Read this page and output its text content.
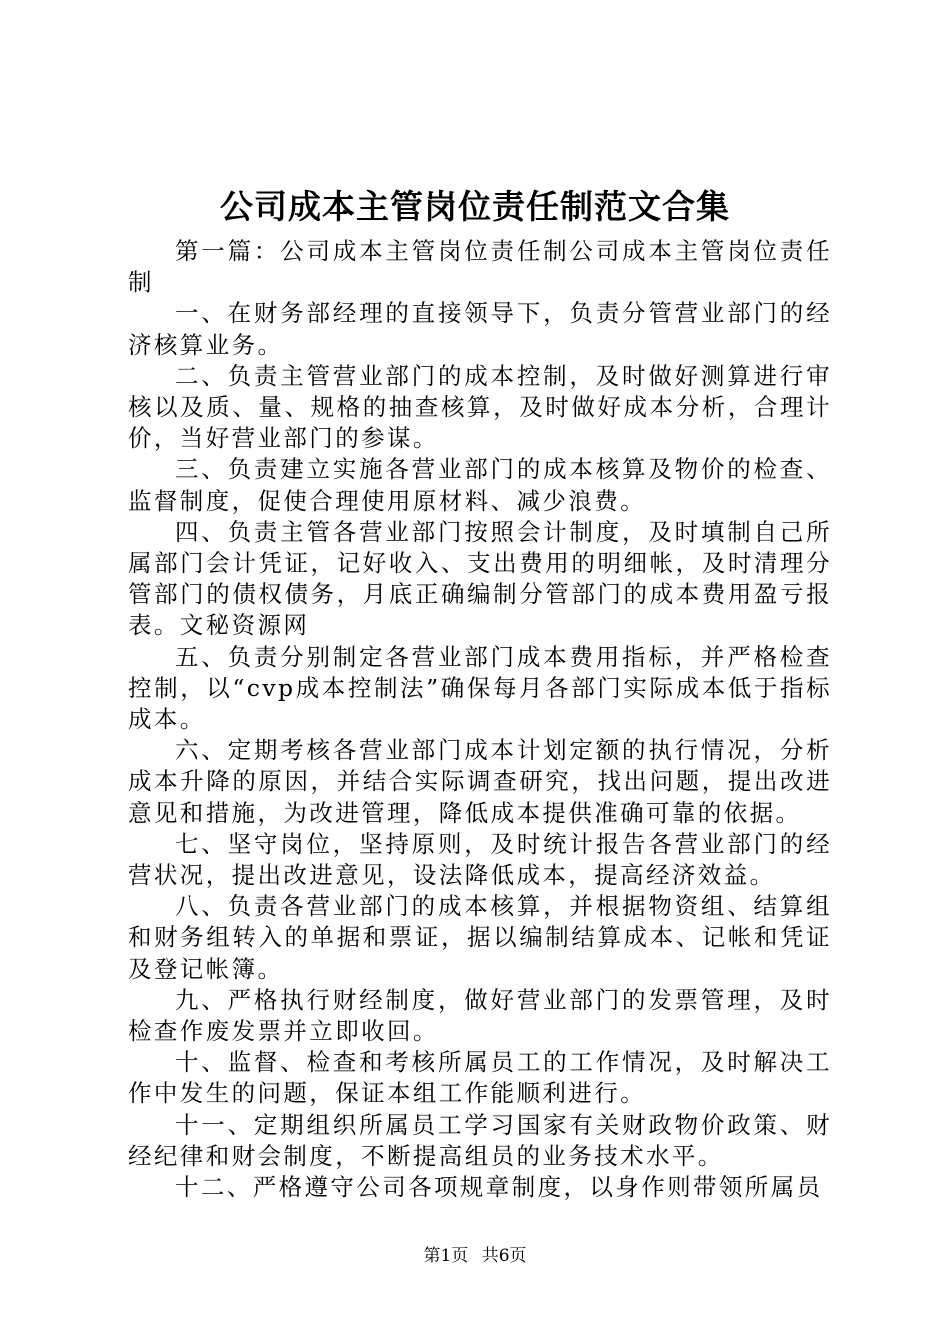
公司成本主管岗位责任制范文合集

第一篇：公司成本主管岗位责任制公司成本主管岗位责任制

一、在财务部经理的直接领导下，负责分管营业部门的经济核算业务。

二、负责主管营业部门的成本控制，及时做好测算进行审核以及质、量、规格的抽查核算，及时做好成本分析，合理计价，当好营业部门的参谋。

三、负责建立实施各营业部门的成本核算及物价的检查、监督制度，促使合理使用原材料、减少浪费。

四、负责主管各营业部门按照会计制度，及时填制自己所属部门会计凭证，记好收入、支出费用的明细帐，及时清理分管部门的债权债务，月底正确编制分管部门的成本费用盈亏报表。文秘资源网

五、负责分别制定各营业部门成本费用指标，并严格检查控制，以“cvp成本控制法”确保每月各部门实际成本低于指标成本。

六、定期考核各营业部门成本计划定额的执行情况，分析成本升降的原因，并结合实际调查研究，找出问题，提出改进意见和措施，为改进管理，降低成本提供准确可靠的依据。

七、坚守岗位，坚持原则，及时统计报告各营业部门的经营状况，提出改进意见，设法降低成本，提高经济效益。

八、负责各营业部门的成本核算，并根据物资组、结算组和财务组转入的单据和票证，据以编制结算成本、记帐和凭证及登记帐簿。

九、严格执行财经制度，做好营业部门的发票管理，及时检查作废发票并立即收回。

十、监督、检查和考核所属员工的工作情况，及时解决工作中发生的问题，保证本组工作能顺利进行。

十一、定期组织所属员工学习国家有关财政物价政策、财经纪律和财会制度，不断提高组员的业务技术水平。

十二、严格遵守公司各项规章制度，以身作则带领所属员

第1页 共6页
